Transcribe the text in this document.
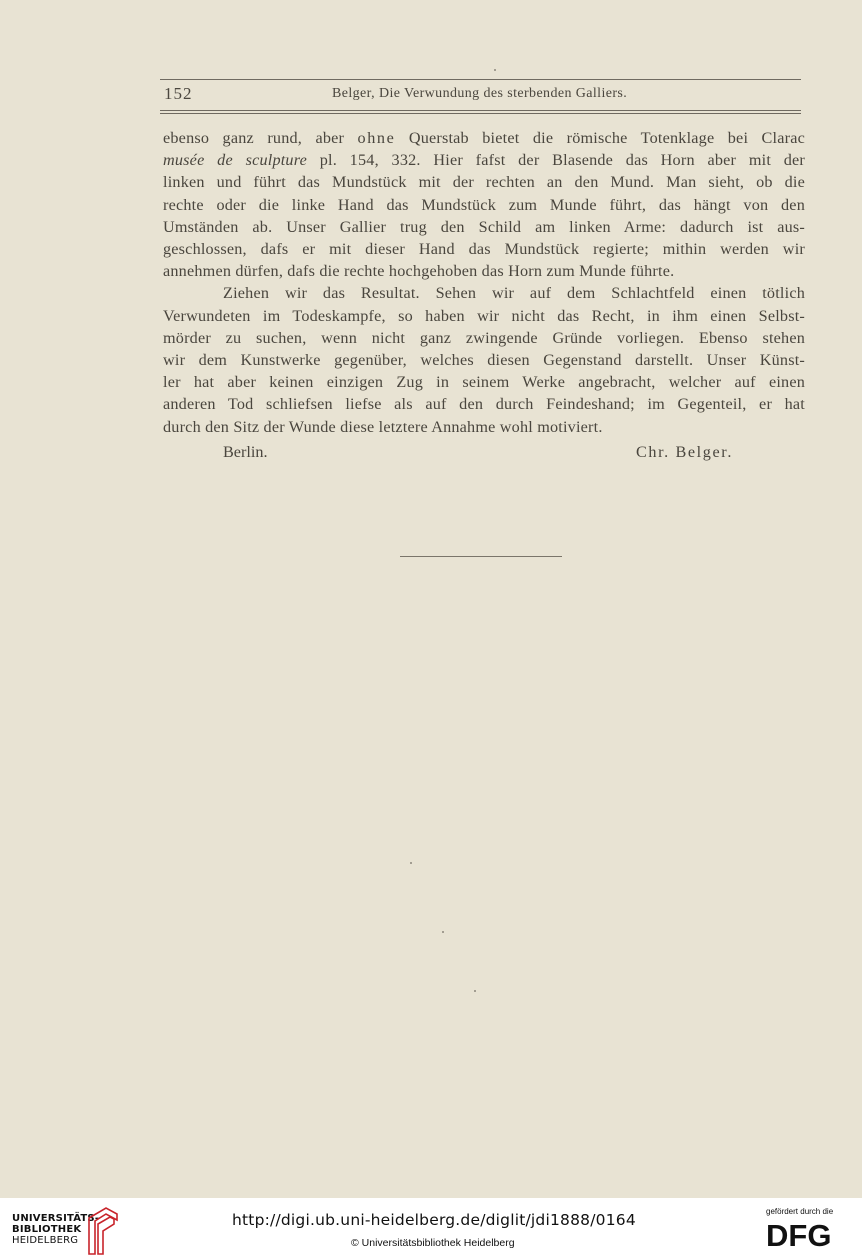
152	Belger, Die Verwundung des sterbenden Galliers.
ebenso ganz rund, aber ohne Querstab bietet die römische Totenklage bei Clarac
musée de sculpture pl. 154, 332. Hier fafst der Blasende das Horn aber mit der
linken und führt das Mundstück mit der rechten an den Mund. Man sieht, ob die
rechte oder die linke Hand das Mundstück zum Munde führt, das hängt von den
Umständen ab. Unser Gallier trug den Schild am linken Arme: dadurch ist aus-
geschlossen, dafs er mit dieser Hand das Mundstück regierte; mithin werden wir
annehmen dürfen, dafs die rechte hochgehoben das Horn zum Munde führte.
Ziehen wir das Resultat. Sehen wir auf dem Schlachtfeld einen tötlich
Verwundeten im Todeskampfe, so haben wir nicht das Recht, in ihm einen Selbst-
mörder zu suchen, wenn nicht ganz zwingende Gründe vorliegen. Ebenso stehen
wir dem Kunstwerke gegenüber, welches diesen Gegenstand darstellt. Unser Künst-
ler hat aber keinen einzigen Zug in seinem Werke angebracht, welcher auf einen
anderen Tod schliefsen liefse als auf den durch Feindeshand; im Gegenteil, er hat
durch den Sitz der Wunde diese letztere Annahme wohl motiviert.
Berlin.	Chr. Belger.
UNIVERSITÄTS-
BIBLIOTHEK
HEIDELBERG
http://digi.ub.uni-heidelberg.de/diglit/jdi1888/0164
© Universitätsbibliothek Heidelberg
gefördert durch die
DFG
